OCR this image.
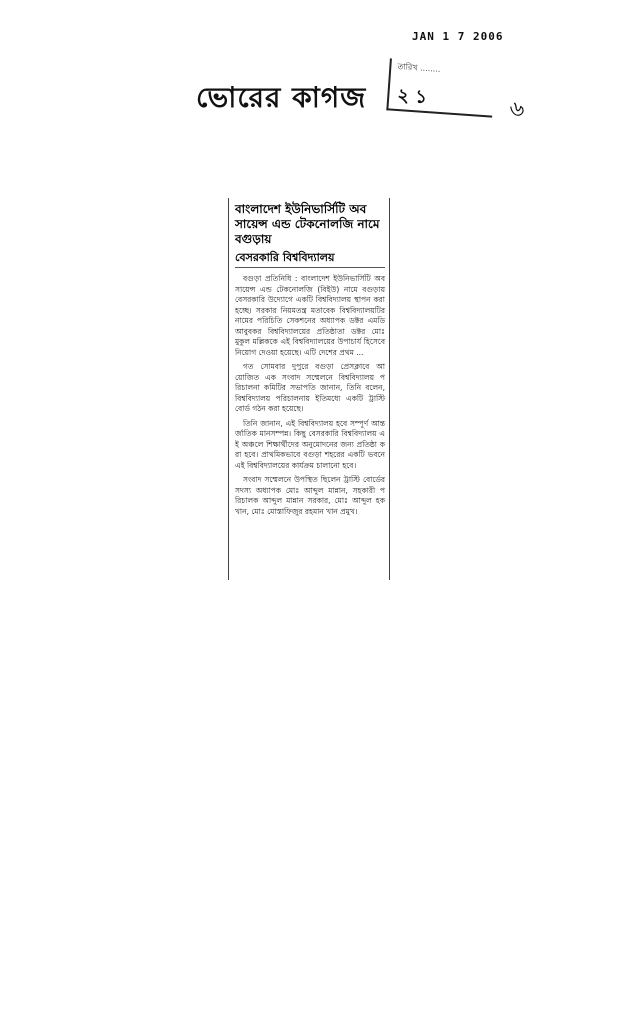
JAN 1 7 2006
ভোরের কাগজ
তারিখ ........
২ ১	৬

বাংলাদেশ ইউনিভার্সিটি অব সায়েন্স এন্ড টেকনোলজি নামে বগুড়ায়

বেসরকারি বিশ্ববিদ্যালয়

বগুড়া প্রতিনিধি : বাংলাদেশ ইউনিভার্সিটি অব সায়েন্স এন্ড টেকনোলজি (বিইউ) নামে বগুড়ায় বেসরকারি উদ্যোগে একটি বিশ্ববিদ্যালয় স্থাপন করা হচ্ছে। সরকার নিয়মতন্ত্র মতাবেক বিশ্ববিদ্যালয়টির নামের পরিচিতি সেকশনের অধ্যাপক ডক্টর এমডি আবুবকর বিশ্ববিদ্যালয়ের প্রতিষ্ঠাতা ডক্টর মোঃ মুকুল মল্লিককে এই বিশ্ববিদ্যালয়ের উপাচার্য হিসেবে নিয়োগ দেওয়া হয়েছে। এটি দেশের প্রথম ...

গত সোমবার দুপুরে বগুড়া প্রেসক্লাবে আয়োজিত এক সংবাদ সম্মেলনে বিশ্ববিদ্যালয় পরিচালনা কমিটির সভাপতি জানান, তিনি বলেন, বিশ্ববিদ্যালয় পরিচালনায় ইতিমধ্যে একটি ট্রাস্টি বোর্ড গঠন করা হয়েছে।

তিনি জানান, এই বিশ্ববিদ্যালয় হবে সম্পূর্ণ আন্তর্জাতিক মানসম্পন্ন। কিছু বেসরকারি বিশ্ববিদ্যালয় এই অঞ্চলে শিক্ষার্থীদের অনুমোদনের জন্য প্রতিষ্ঠা করা হবে। প্রাথমিকভাবে বগুড়া শহরের একটি ভবনে এই বিশ্ববিদ্যালয়ের কার্যক্রম চালানো হবে।

সংবাদ সম্মেলনে উপস্থিত ছিলেন ট্রাস্টি বোর্ডের সদস্য অধ্যাপক মোঃ আব্দুল মান্নান, সহকারী পরিচালক আব্দুল মান্নান সরকার, মোঃ আব্দুল হক খান, মোঃ মোস্তাফিজুর রহমান খান প্রমুখ।
